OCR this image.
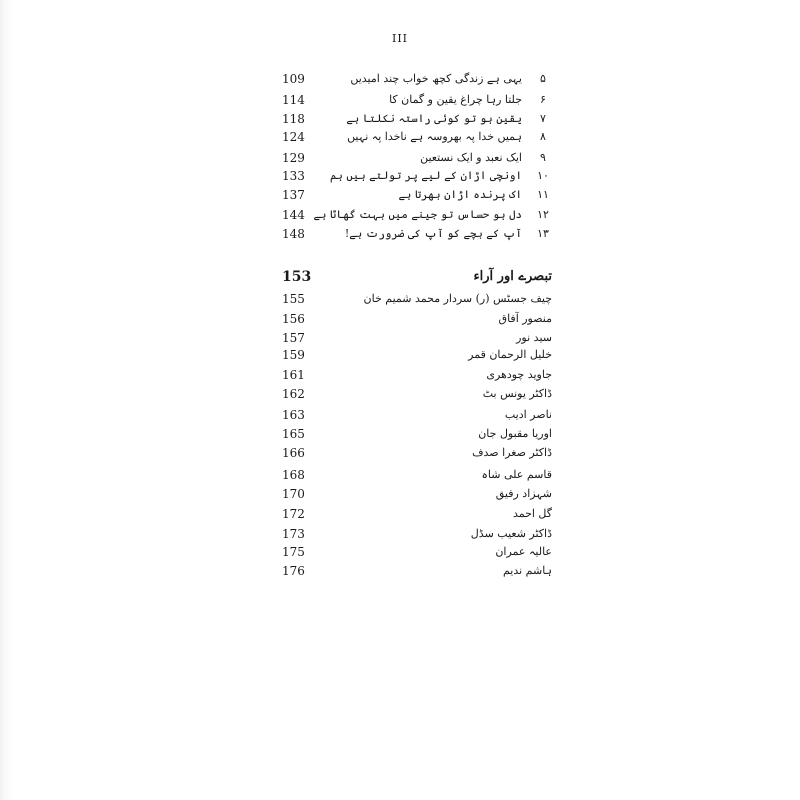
III
109	یہی ہے زندگی کچھ خواب چند امیدیں	۵
114	جلتا رہا چراغ یقین و گمان کا	۶
118	یقین ہو تو کوئی راستہ نکلتا ہے	۷
124	ہمیں خدا پہ بھروسہ ہے ناخدا پہ نہیں	۸
129	ایک نعبد و ایک نستعین	۹
133 اونچی اڑان کے لیے پر تولتے ہیں ہم ۱۰
137	اک پرندہ اڑان بھرتا ہے ۱۱
144 دل ہو حساس تو جینے میں بہت گھاٹا ہے ۱۲
148	آپ کے بچے کو آپ کی ضرورت ہے! ۱۳
153	تبصرے اور آراء
155	چیف جسٹس (ر) سردار محمد شمیم خان
156	منصور آفاق
157	سید نور
159	خلیل الرحمان قمر
161	جاوید چودھری
162	ڈاکٹر یونس بٹ
163	ناصر ادیب
165	اوریا مقبول جان
166	ڈاکٹر صغرا صدف
168	قاسم علی شاہ
170	شہزاد رفیق
172	گل احمد
173	ڈاکٹر شعیب سڈل
175	عالیہ عمران
176	ہاشم ندیم
